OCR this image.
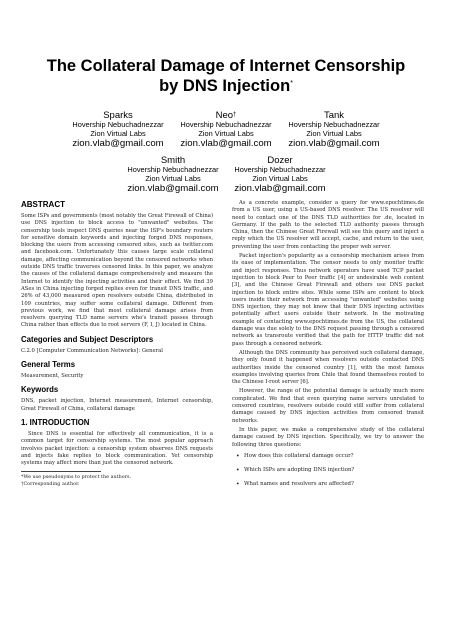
The Collateral Damage of Internet Censorship by DNS Injection*
Sparks
Hovership Nebuchadnezzar
Zion Virtual Labs
zion.vlab@gmail.com
Neo†
Hovership Nebuchadnezzar
Zion Virtual Labs
zion.vlab@gmail.com
Tank
Hovership Nebuchadnezzar
Zion Virtual Labs
zion.vlab@gmail.com
Smith
Hovership Nebuchadnezzar
Zion Virtual Labs
zion.vlab@gmail.com
Dozer
Hovership Nebuchadnezzar
Zion Virtual Labs
zion.vlab@gmail.com
ABSTRACT

Some ISPs and governments (most notably the Great Firewall of China) use DNS injection to block access to "unwanted" websites. The censorship tools inspect DNS queries near the ISP's boundary routers for sensitive domain keywords and injecting forged DNS responses, blocking the users from accessing censored sites, such as twitter.com and facebook.com. Unfortunately this causes large scale collateral damage, affecting communication beyond the censored networks when outside DNS traffic traverses censored links. In this paper, we analyze the causes of the collateral damage comprehensively and measure the Internet to identify the injecting activities and their effect. We find 39 ASes in China injecting forged replies even for transit DNS traffic, and 26% of 43,000 measured open resolvers outside China, distributed in 109 countries, may suffer some collateral damage. Different from previous work, we find that most collateral damage arises from resolvers querying TLD name servers who's transit passes through China rather than effects due to root servers (F, I, J) located in China.

Categories and Subject Descriptors

C.2.0 [Computer Communication Networks]: General

General Terms

Measurement, Security

Keywords

DNS, packet injection, Internet measurement, Internet censorship, Great Firewall of China, collateral damage

1. INTRODUCTION

Since DNS is essential for effectively all communication, it is a common target for censorship systems. The most popular approach involves packet injection: a censorship system observes DNS requests and injects fake replies to block communication. Yet censorship systems may affect more than just the censored network.

*We use pseudonyms to protect the authors.

†Corresponding author.

As a concrete example, consider a query for www.epochtimes.de from a US user, using a US-based DNS resolver. The US resolver will need to contact one of the DNS TLD authorities for .de, located in Germany. If the path to the selected TLD authority passes through China, then the Chinese Great Firewall will see this query and inject a reply which the US resolver will accept, cache, and return to the user, preventing the user from contacting the proper web server.

Packet injection's popularity as a censorship mechanism arises from its ease of implementation. The censor needs to only monitor traffic and inject responses. Thus network operators have used TCP packet injection to block Peer to Peer traffic [4] or undesirable web content [3], and the Chinese Great Firewall and others use DNS packet injection to block entire sites. While some ISPs are content to block users inside their network from accessing "unwanted" websites using DNS injection, they may not know that their DNS injecting activities potentially affect users outside their network. In the motivating example of contacting www.epochtimes.de from the US, the collateral damage was due solely to the DNS request passing through a censored network as transroute verified that the path for HTTP traffic did not pass through a censored network.

Although the DNS community has perceived such collateral damage, they only found it happened when resolvers outside contacted DNS authorities inside the censored country [1], with the most famous examples involving queries from Chile that found themselves routed to the Chinese I-root server [6].

However, the range of the potential damage is actually much more complicated. We find that even querying name servers unrelated to censored countries, resolvers outside could still suffer from collateral damage caused by DNS injection activities from censored transit networks.

In this paper, we make a comprehensive study of the collateral damage caused by DNS injection. Specifically, we try to answer the following three questions:

• How does this collateral damage occur?
• Which ISPs are adopting DNS injection?
• What names and resolvers are affected?
